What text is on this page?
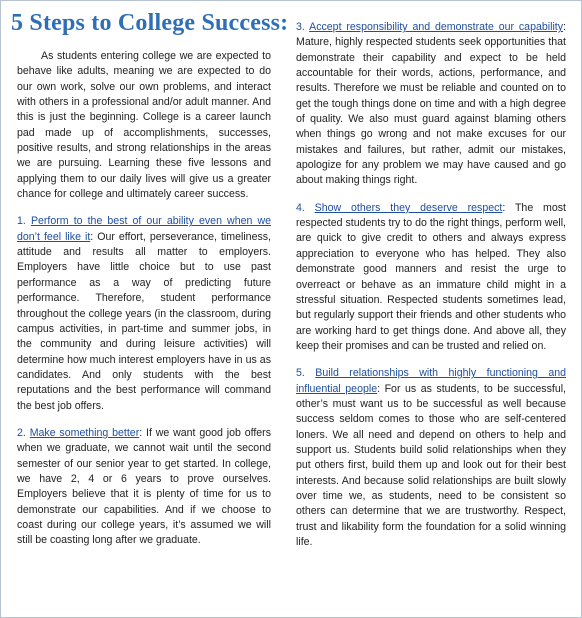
5 Steps to College Success:

As students entering college we are expected to behave like adults, meaning we are expected to do our own work, solve our own problems, and interact with others in a professional and/or adult manner. And this is just the beginning. College is a career launch pad made up of accomplishments, successes, positive results, and strong relationships in the areas we are pursuing. Learning these five lessons and applying them to our daily lives will give us a greater chance for college and ultimately career success.

1. Perform to the best of our ability even when we don’t feel like it: Our effort, perseverance, timeliness, attitude and results all matter to employers. Employers have little choice but to use past performance as a way of predicting future performance. Therefore, student performance throughout the college years (in the classroom, during campus activities, in part-time and summer jobs, in the community and during leisure activities) will determine how much interest employers have in us as candidates. And only students with the best reputations and the best performance will command the best job offers.

2. Make something better: If we want good job offers when we graduate, we cannot wait until the second semester of our senior year to get started. In college, we have 2, 4 or 6 years to prove ourselves. Employers believe that it is plenty of time for us to demonstrate our capabilities. And if we choose to coast during our college years, it’s assumed we will still be coasting long after we graduate.

3. Accept responsibility and demonstrate our capability: Mature, highly respected students seek opportunities that demonstrate their capability and expect to be held accountable for their words, actions, performance, and results. Therefore we must be reliable and counted on to get the tough things done on time and with a high degree of quality. We also must guard against blaming others when things go wrong and not make excuses for our mistakes and failures, but rather, admit our mistakes, apologize for any problem we may have caused and go about making things right.

4. Show others they deserve respect: The most respected students try to do the right things, perform well, are quick to give credit to others and always express appreciation to everyone who has helped. They also demonstrate good manners and resist the urge to overreact or behave as an immature child might in a stressful situation. Respected students sometimes lead, but regularly support their friends and other students who are working hard to get things done. And above all, they keep their promises and can be trusted and relied on.

5. Build relationships with highly functioning and influential people: For us as students, to be successful, other’s must want us to be successful as well because success seldom comes to those who are self-centered loners. We all need and depend on others to help and support us. Students build solid relationships when they put others first, build them up and look out for their best interests. And because solid relationships are built slowly over time we, as students, need to be consistent so others can determine that we are trustworthy. Respect, trust and likability form the foundation for a solid winning life.
